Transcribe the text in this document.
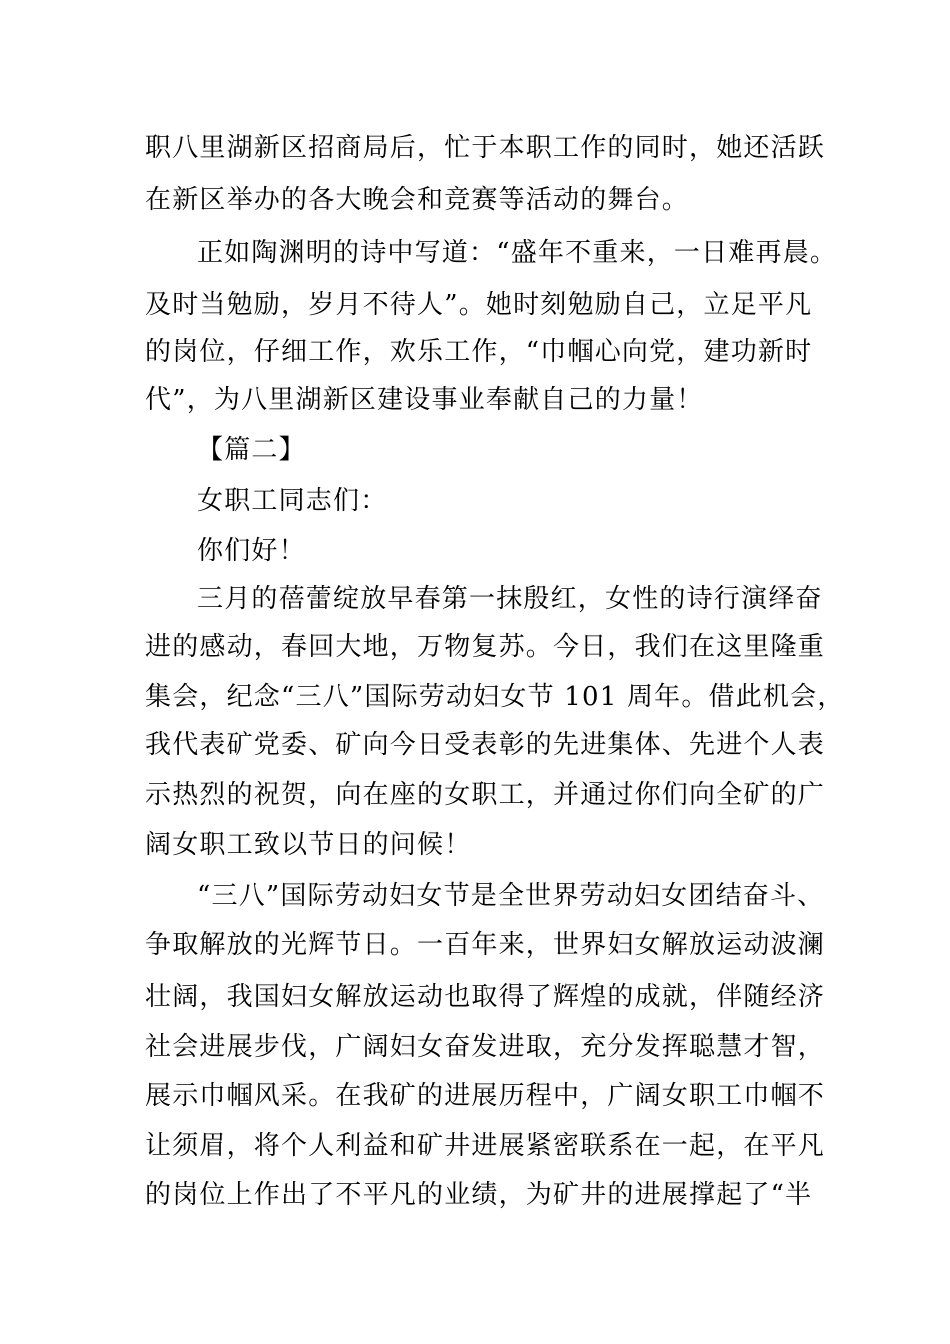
职八里湖新区招商局后，忙于本职工作的同时，她还活跃
在新区举办的各大晚会和竞赛等活动的舞台。
正如陶渊明的诗中写道：“盛年不重来，一日难再晨。
及时当勉励，岁月不待人”。她时刻勉励自己，立足平凡
的岗位，仔细工作，欢乐工作，“巾帼心向党，建功新时
代”，为八里湖新区建设事业奉献自己的力量！
【篇二】
女职工同志们：
你们好！
三月的蓓蕾绽放早春第一抹殷红，女性的诗行演绎奋
进的感动，春回大地，万物复苏。今日，我们在这里隆重
集会，纪念“三八”国际劳动妇女节 101 周年。借此机会，
我代表矿党委、矿向今日受表彰的先进集体、先进个人表
示热烈的祝贺，向在座的女职工，并通过你们向全矿的广
阔女职工致以节日的问候！
“三八”国际劳动妇女节是全世界劳动妇女团结奋斗、
争取解放的光辉节日。一百年来，世界妇女解放运动波澜
壮阔，我国妇女解放运动也取得了辉煌的成就，伴随经济
社会进展步伐，广阔妇女奋发进取，充分发挥聪慧才智，
展示巾帼风采。在我矿的进展历程中，广阔女职工巾帼不
让须眉，将个人利益和矿井进展紧密联系在一起，在平凡
的岗位上作出了不平凡的业绩，为矿井的进展撑起了“半
